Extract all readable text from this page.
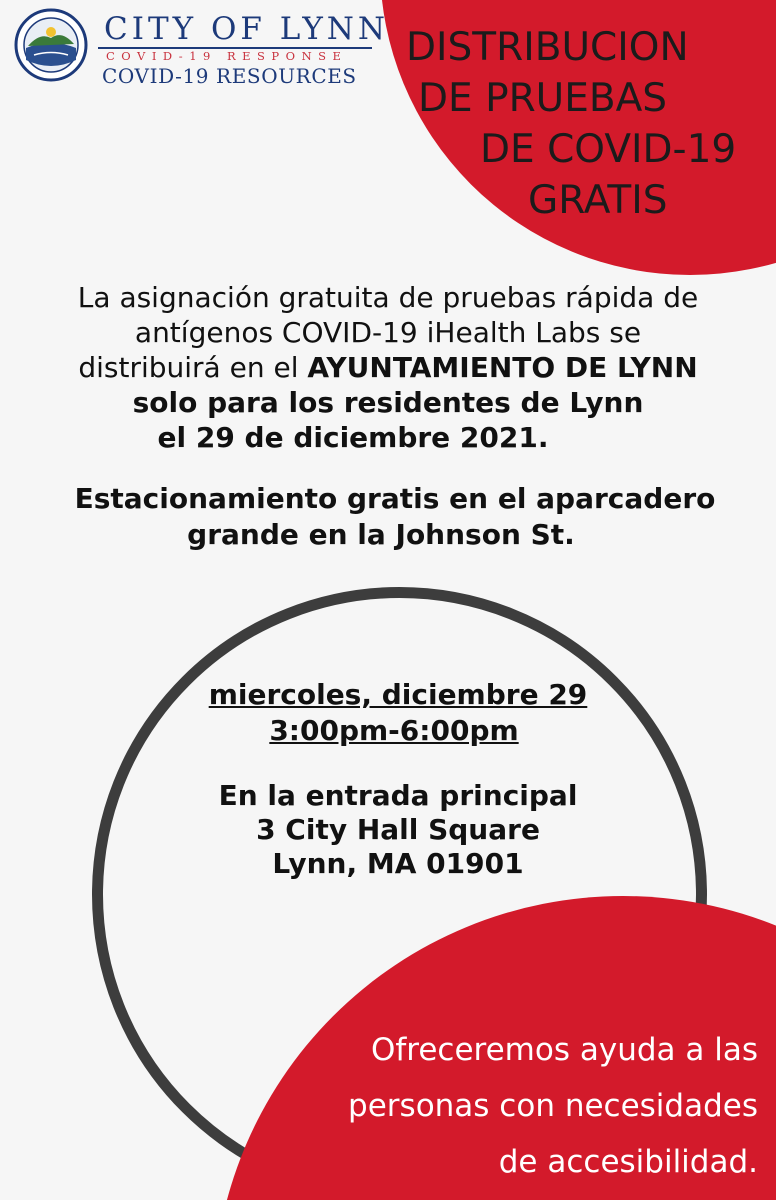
CITY OF LYNN
COVID-19 RESPONSE
COVID-19 RESOURCES
DISTRIBUCION
DE PRUEBAS
DE COVID-19
GRATIS
La asignación gratuita de pruebas rápida de
antígenos COVID-19 iHealth Labs se
distribuirá en el AYUNTAMIENTO DE LYNN
solo para los residentes de Lynn
el 29 de diciembre 2021.
Estacionamiento gratis en el aparcadero
grande en la Johnson St.
miercoles, diciembre 29
3:00pm-6:00pm
En la entrada principal
3 City Hall Square
Lynn, MA 01901
Ofreceremos ayuda a las
personas con necesidades
de accesibilidad.
